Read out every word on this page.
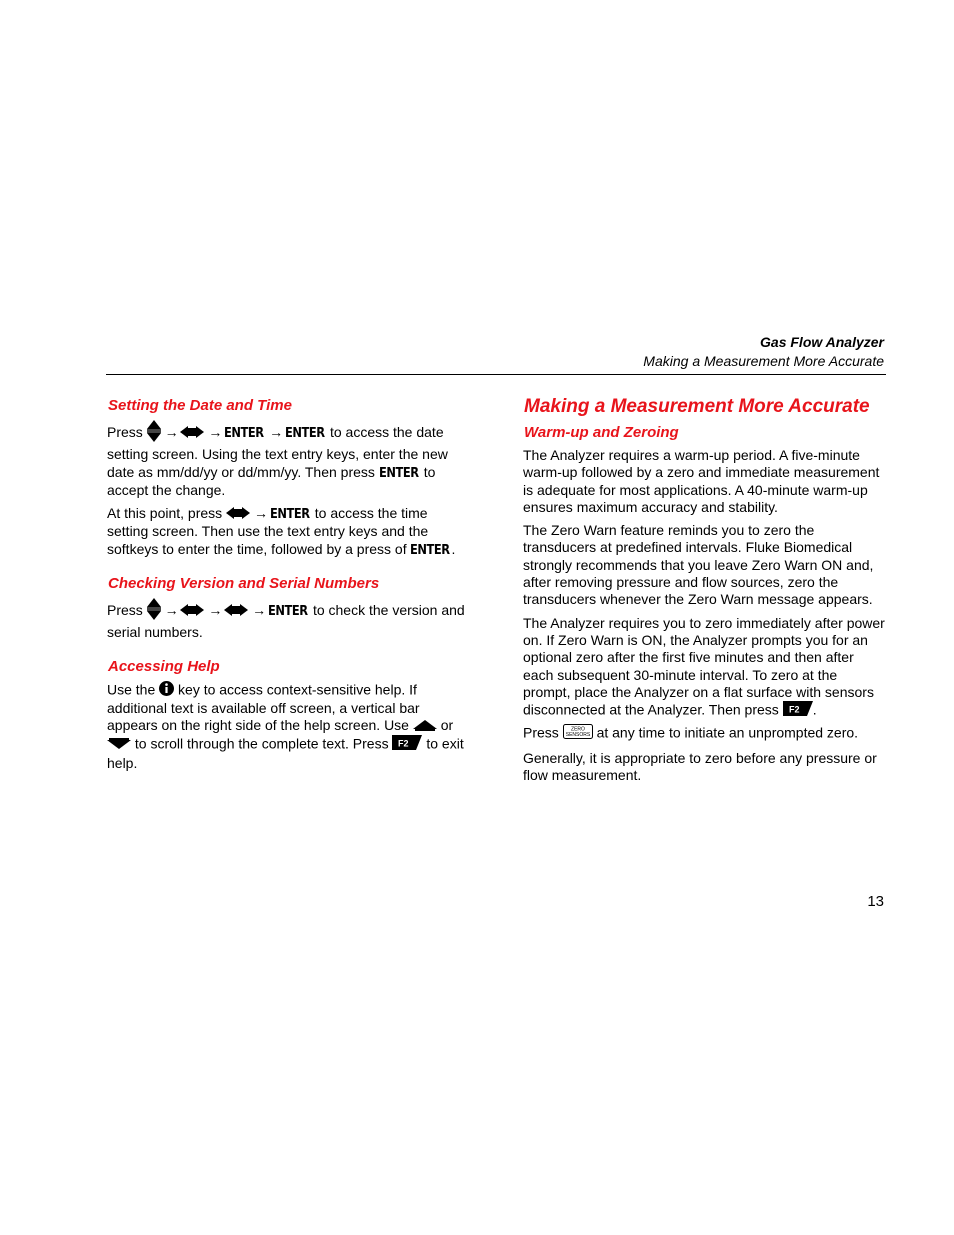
Gas Flow Analyzer
Making a Measurement More Accurate
Setting the Date and Time

Press → → ENTER → ENTER to access the date setting screen. Using the text entry keys, enter the new date as mm/dd/yy or dd/mm/yy. Then press ENTER to accept the change.

At this point, press  → ENTER to access the time setting screen. Then use the text entry keys and the softkeys to enter the time, followed by a press of ENTER.

Checking Version and Serial Numbers

Press → → → ENTER to check the version and serial numbers.

Accessing Help

Use the  key to access context-sensitive help. If additional text is available off screen, a vertical bar appears on the right side of the help screen. Use  or  to scroll through the complete text. Press F2 to exit help.

Making a Measurement More Accurate
Warm-up and Zeroing

The Analyzer requires a warm-up period. A five-minute warm-up followed by a zero and immediate measurement is adequate for most applications. A 40-minute warm-up ensures maximum accuracy and stability.

The Zero Warn feature reminds you to zero the transducers at predefined intervals. Fluke Biomedical strongly recommends that you leave Zero Warn ON and, after removing pressure and flow sources, zero the transducers whenever the Zero Warn message appears.

The Analyzer requires you to zero immediately after power on. If Zero Warn is ON, the Analyzer prompts you for an optional zero after the first five minutes and then after each subsequent 30-minute interval. To zero at the prompt, place the Analyzer on a flat surface with sensors disconnected at the Analyzer. Then press F2 .

Press ZERO
SENSORS at any time to initiate an unprompted zero.

Generally, it is appropriate to zero before any pressure or flow measurement.

13
